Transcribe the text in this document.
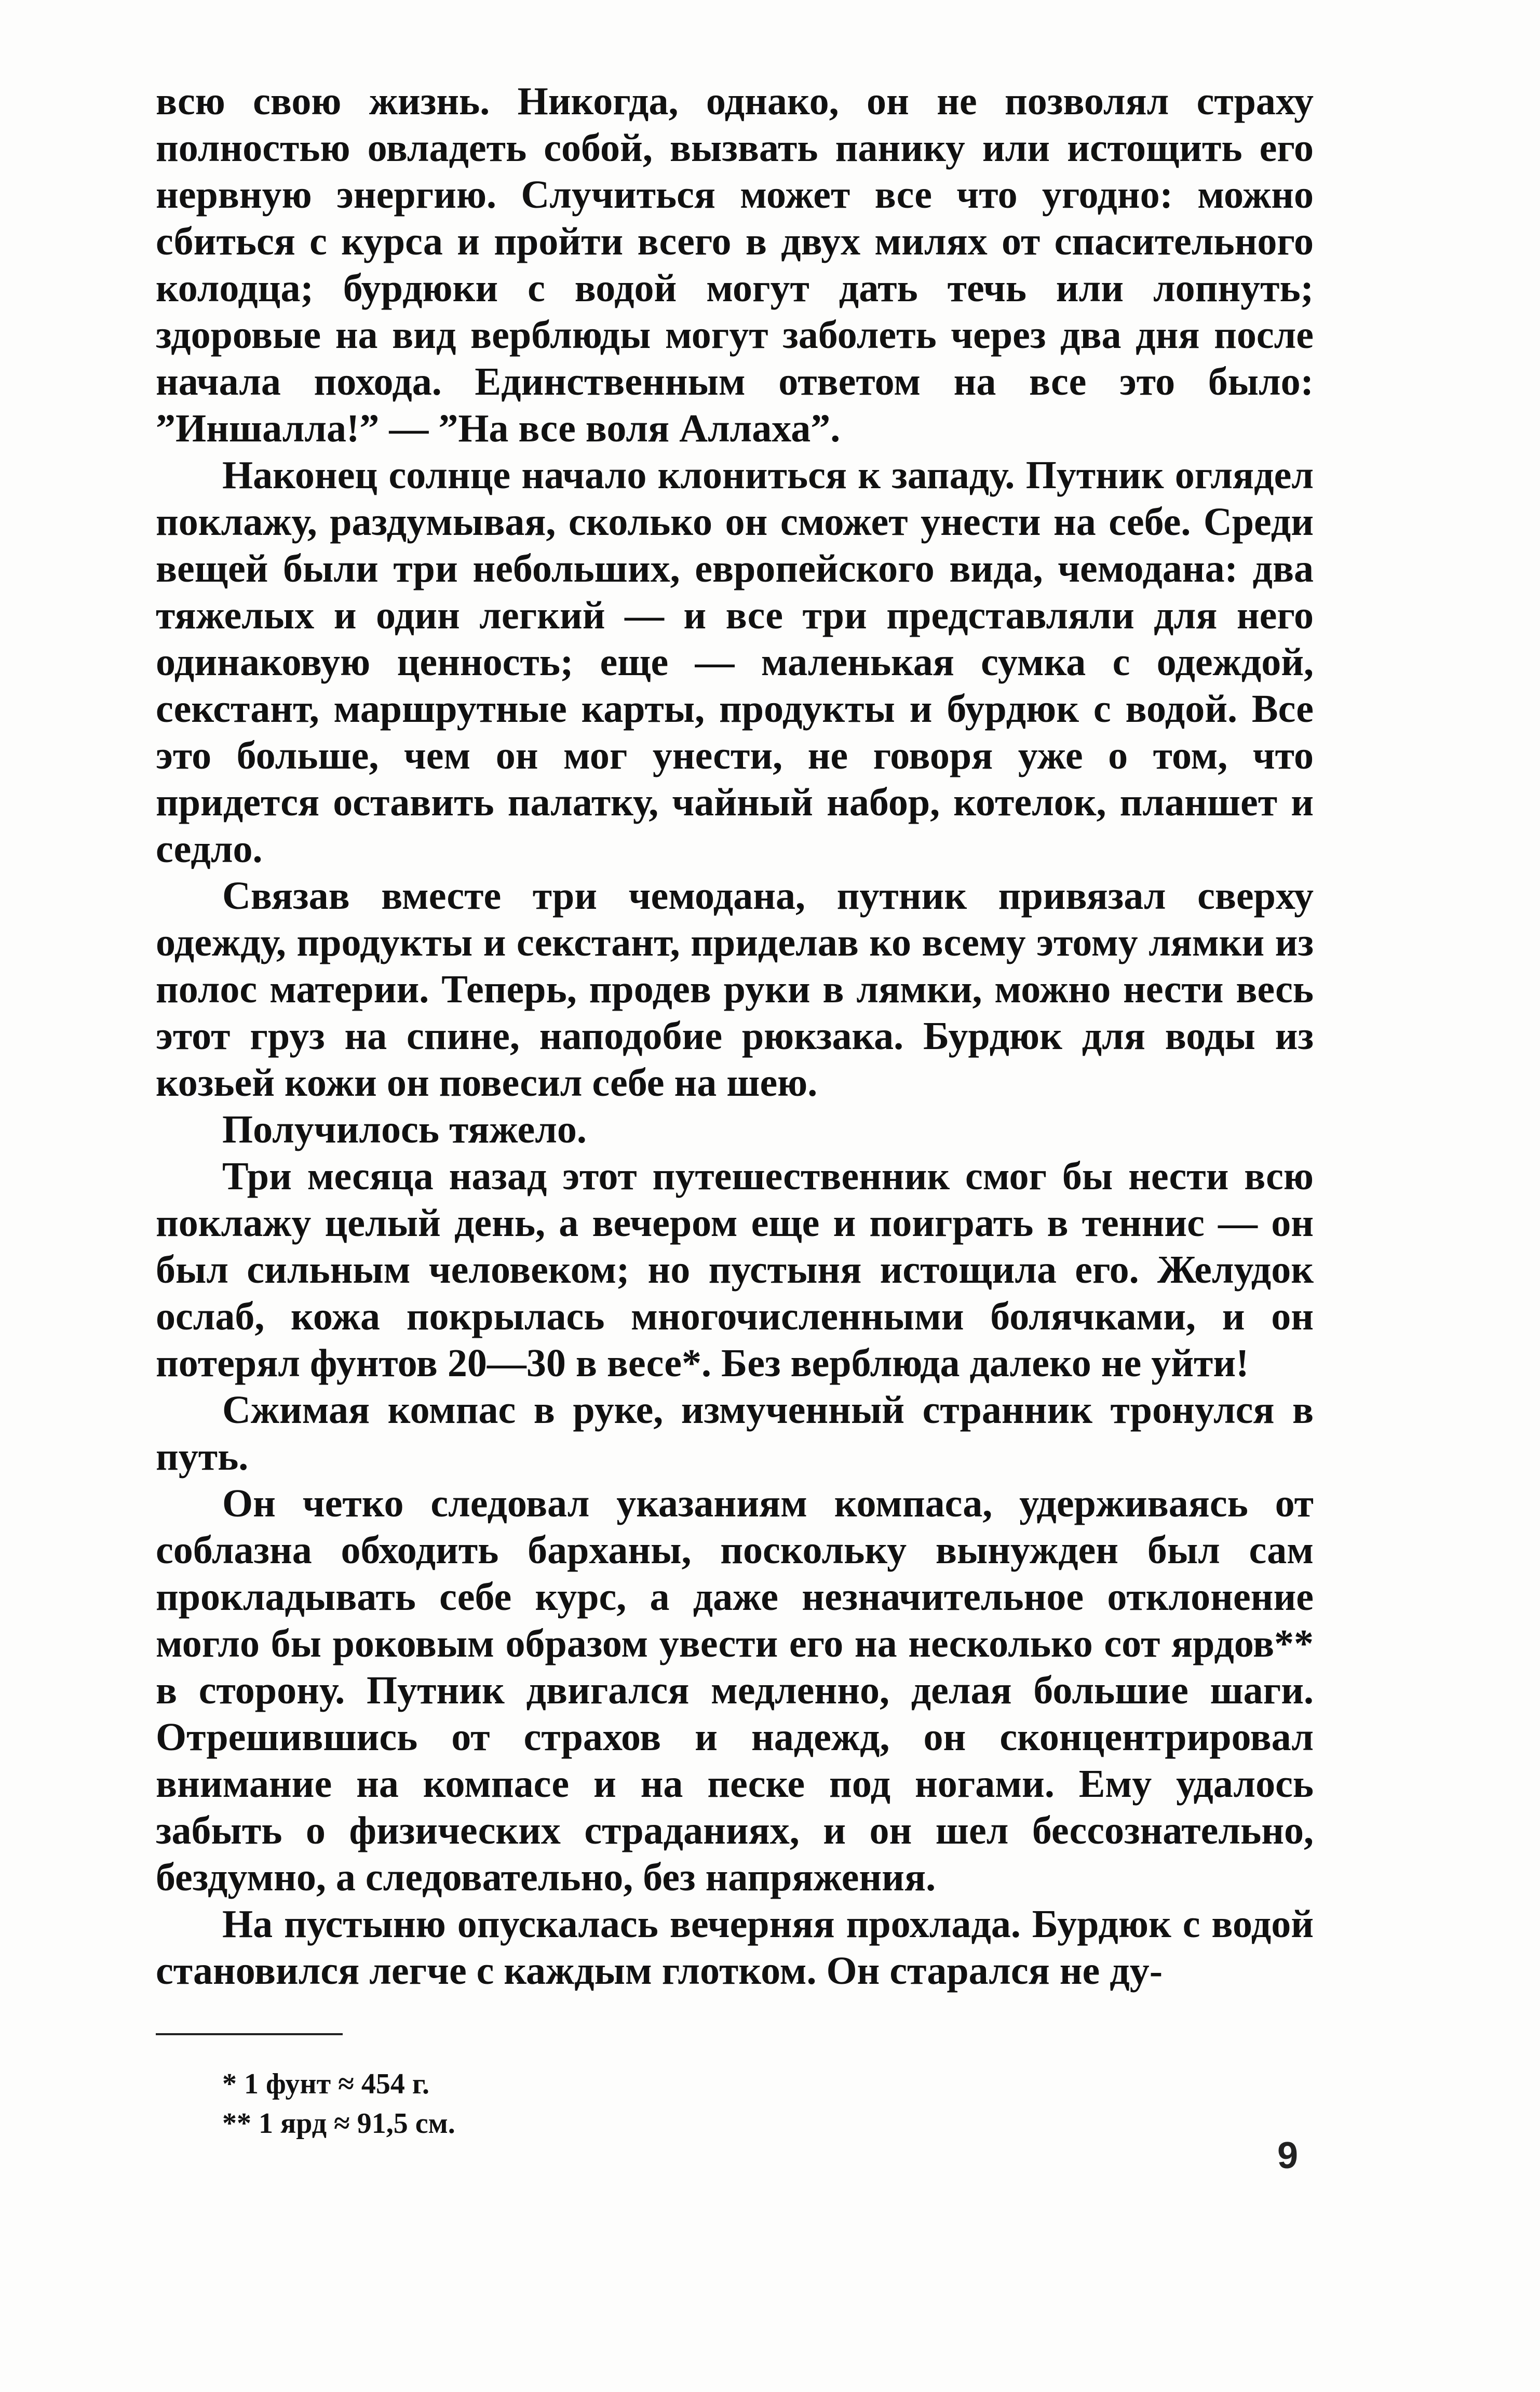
всю свою жизнь. Никогда, однако, он не позволял страху полностью овладеть собой, вызвать панику или истощить его нервную энергию. Случиться может все что угодно: можно сбиться с курса и пройти всего в двух милях от спасительного колодца; бурдюки с водой могут дать течь или лопнуть; здоровые на вид верблюды могут заболеть через два дня после начала похода. Единственным ответом на все это было: ”Иншалла!” — ”На все воля Аллаха”.

Наконец солнце начало клониться к западу. Путник оглядел поклажу, раздумывая, сколько он сможет унести на себе. Среди вещей были три небольших, европейского вида, чемодана: два тяжелых и один легкий — и все три представляли для него одинаковую ценность; еще — маленькая сумка с одеждой, секстант, маршрутные карты, продукты и бурдюк с водой. Все это больше, чем он мог унести, не говоря уже о том, что придется оставить палатку, чайный набор, котелок, планшет и седло.

Связав вместе три чемодана, путник привязал сверху одежду, продукты и секстант, приделав ко всему этому лямки из полос материи. Теперь, продев руки в лямки, можно нести весь этот груз на спине, наподобие рюкзака. Бурдюк для воды из козьей кожи он повесил себе на шею.

Получилось тяжело.

Три месяца назад этот путешественник смог бы нести всю поклажу целый день, а вечером еще и поиграть в теннис — он был сильным человеком; но пустыня истощила его. Желудок ослаб, кожа покрылась многочисленными болячками, и он потерял фунтов 20—30 в весе*. Без верблюда далеко не уйти!

Сжимая компас в руке, измученный странник тронулся в путь.

Он четко следовал указаниям компаса, удерживаясь от соблазна обходить барханы, поскольку вынужден был сам прокладывать себе курс, а даже незначительное отклонение могло бы роковым образом увести его на несколько сот ярдов** в сторону. Путник двигался медленно, делая большие шаги. Отрешившись от страхов и надежд, он сконцентрировал внимание на компасе и на песке под ногами. Ему удалось забыть о физических страданиях, и он шел бессознательно, бездумно, а следовательно, без напряжения.

На пустыню опускалась вечерняя прохлада. Бурдюк с водой становился легче с каждым глотком. Он старался не ду-

* 1 фунт ≈ 454 г.
** 1 ярд ≈ 91,5 см.
9
